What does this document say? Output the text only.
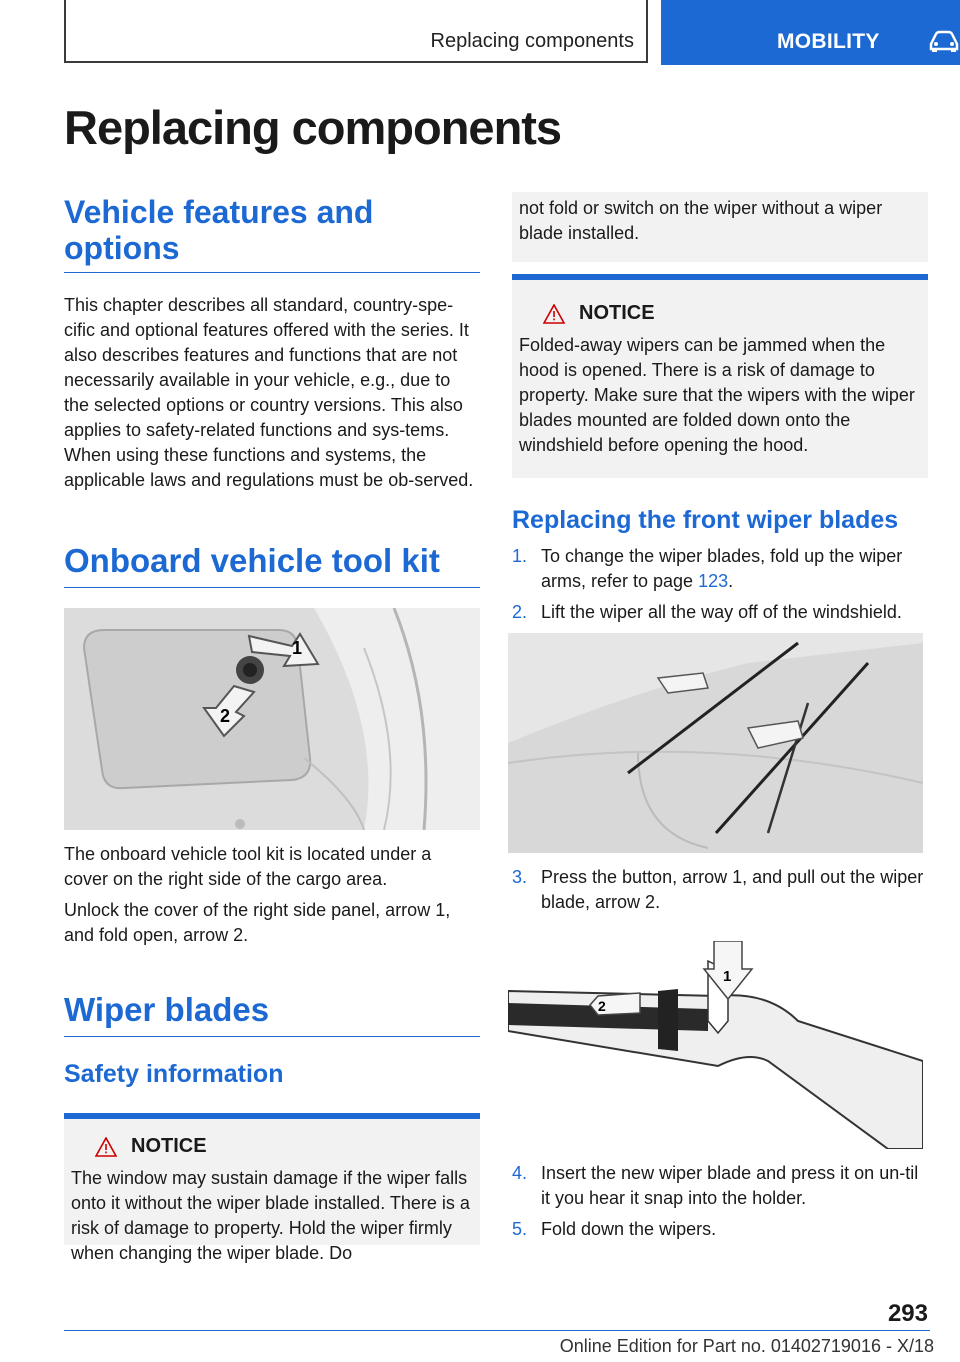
Replacing components	MOBILITY
Replacing components
Vehicle features and options

This chapter describes all standard, country-spe-cific and optional features offered with the series. It also describes features and functions that are not necessarily available in your vehicle, e.g., due to the selected options or country versions. This also applies to safety-related functions and sys-tems. When using these functions and systems, the applicable laws and regulations must be ob-served.

Onboard vehicle tool kit
1
2

The onboard vehicle tool kit is located under a cover on the right side of the cargo area.

Unlock the cover of the right side panel, arrow 1, and fold open, arrow 2.

Wiper blades
Safety information
NOTICE

The window may sustain damage if the wiper falls onto it without the wiper blade installed. There is a risk of damage to property. Hold the wiper firmly when changing the wiper blade. Do

not fold or switch on the wiper without a wiper blade installed.

NOTICE

Folded-away wipers can be jammed when the hood is opened. There is a risk of damage to property. Make sure that the wipers with the wiper blades mounted are folded down onto the windshield before opening the hood.

Replacing the front wiper blades
1. To change the wiper blades, fold up the wiper arms, refer to page 123.
2. Lift the wiper all the way off of the windshield.
3. Press the button, arrow 1, and pull out the wiper blade, arrow 2.
1
2
4. Insert the new wiper blade and press it on un-til it you hear it snap into the holder.
5. Fold down the wipers.
293
Online Edition for Part no. 01402719016 - X/18
